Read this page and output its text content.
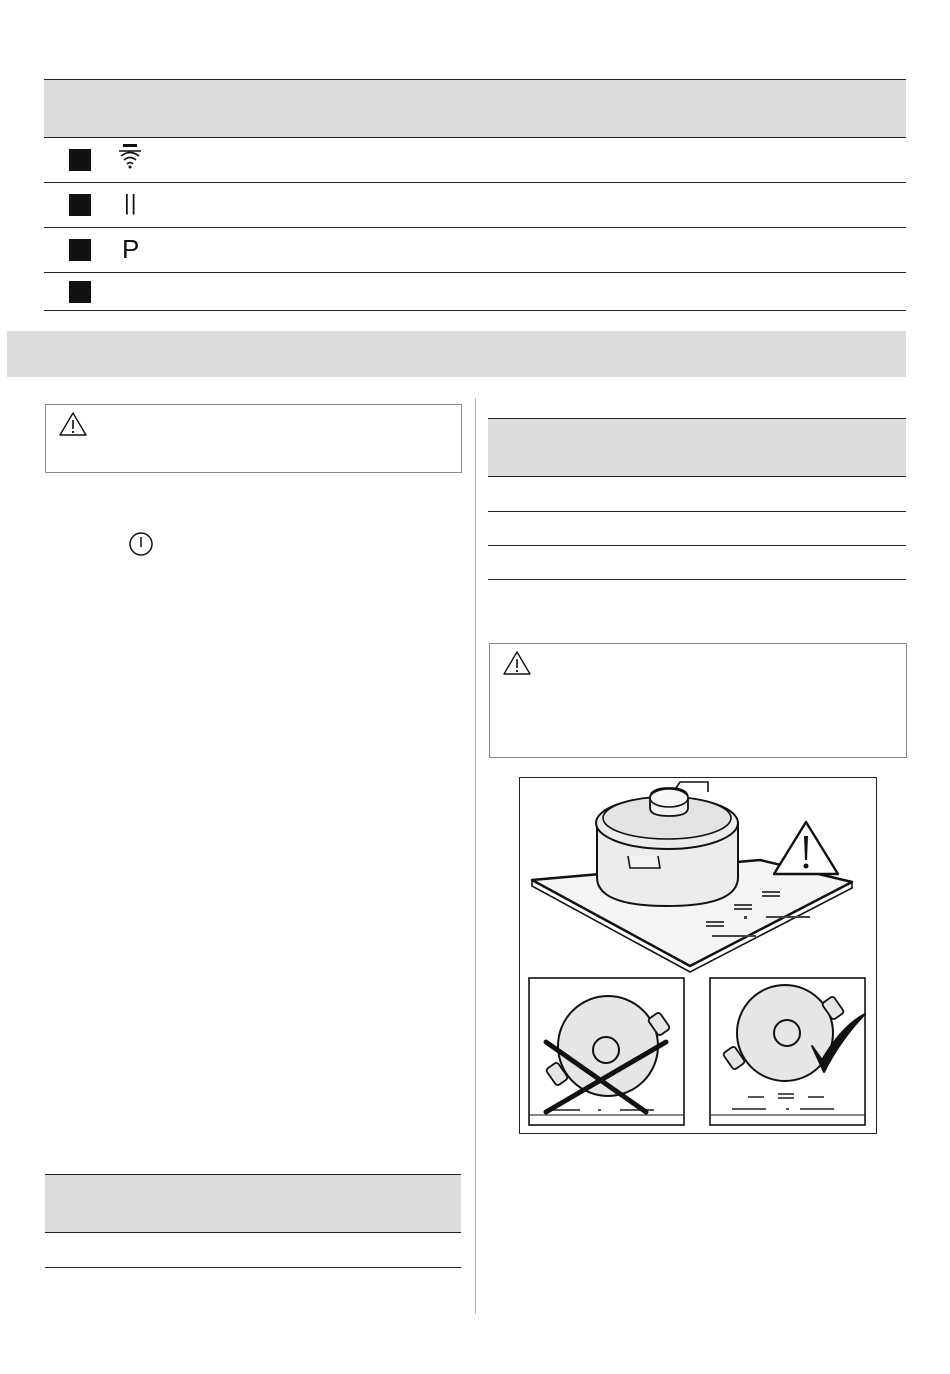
||
P
